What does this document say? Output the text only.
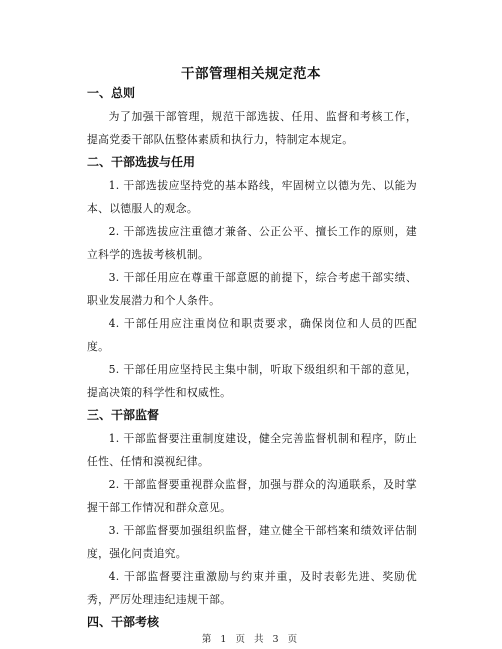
干部管理相关规定范本
一、总则

为了加强干部管理，规范干部选拔、任用、监督和考核工作，提高党委干部队伍整体素质和执行力，特制定本规定。

二、干部选拔与任用

1. 干部选拔应坚持党的基本路线，牢固树立以德为先、以能为本、以德服人的观念。

2. 干部选拔应注重德才兼备、公正公平、擅长工作的原则，建立科学的选拔考核机制。

3. 干部任用应在尊重干部意愿的前提下，综合考虑干部实绩、职业发展潜力和个人条件。

4. 干部任用应注重岗位和职责要求，确保岗位和人员的匹配度。

5. 干部任用应坚持民主集中制，听取下级组织和干部的意见，提高决策的科学性和权威性。

三、干部监督

1. 干部监督要注重制度建设，健全完善监督机制和程序，防止任性、任情和漠视纪律。

2. 干部监督要重视群众监督，加强与群众的沟通联系，及时掌握干部工作情况和群众意见。

3. 干部监督要加强组织监督，建立健全干部档案和绩效评估制度，强化问责追究。

4. 干部监督要注重激励与约束并重，及时表彰先进、奖励优秀，严厉处理违纪违规干部。

四、干部考核
第 1 页 共 3 页
